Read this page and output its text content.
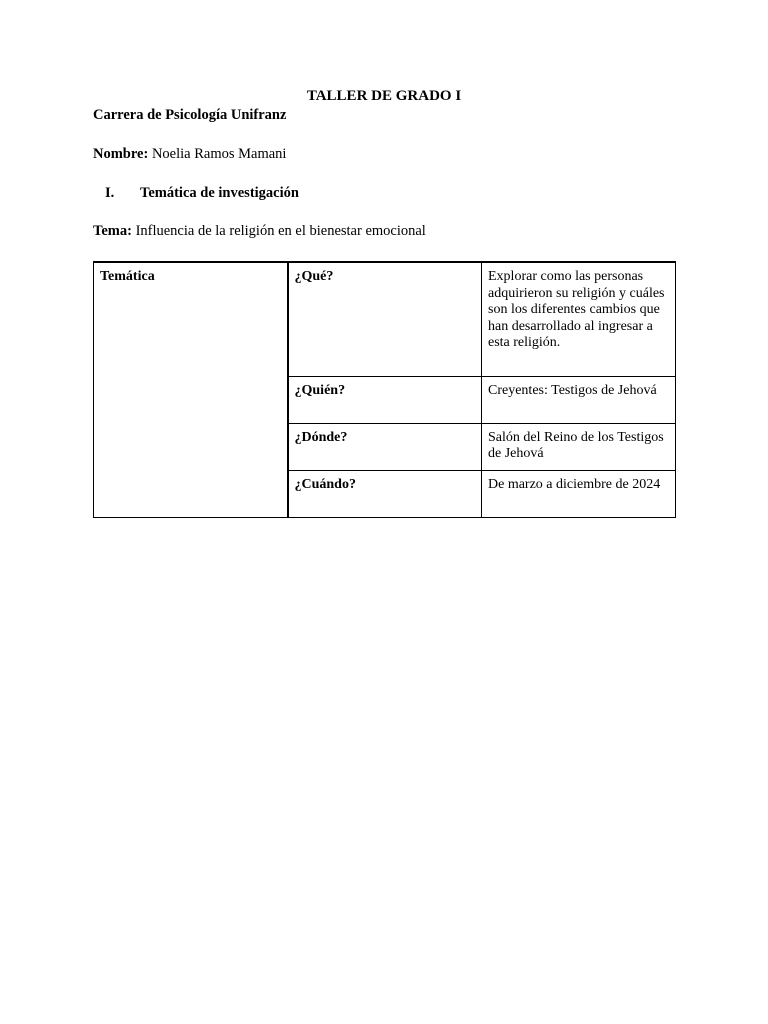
TALLER DE GRADO I
Carrera de Psicología Unifranz
Nombre: Noelia Ramos Mamani
I. Temática de investigación
Tema: Influencia de la religión en el bienestar emocional
Temática	¿Qué?	Explorar como las personas adquirieron su religión y cuáles son los diferentes cambios que han desarrollado al ingresar a esta religión.
	¿Quién?	Creyentes: Testigos de Jehová
	¿Dónde?	Salón del Reino de los Testigos de Jehová
	¿Cuándo?	De marzo a diciembre de 2024
